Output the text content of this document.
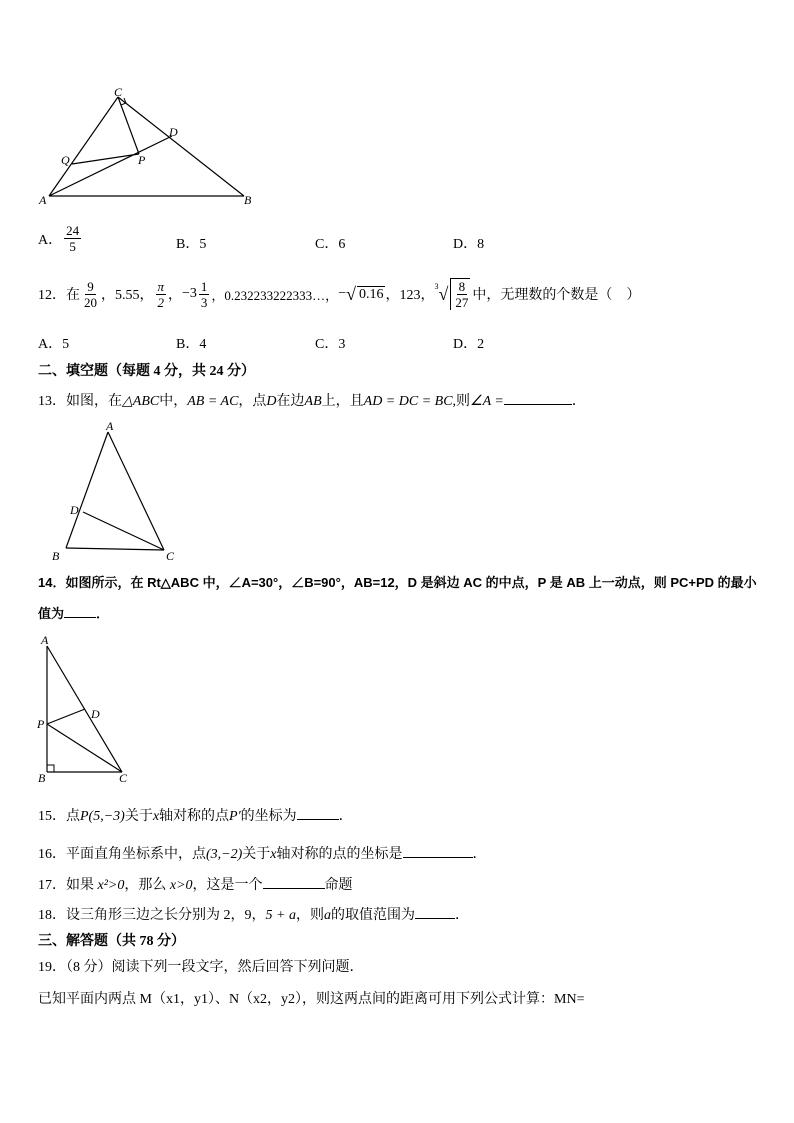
C
D
Q	P
A	B
A． $\frac{24}{5}$	B．5	C．6	D．8
12．在 $\frac{9}{20}$ ，5.55， $\frac{\pi}{2}$ ， $-3 \frac{1}{3}$ ，0.232233222333…， − √ 0.16 ，123，
3 √ $\frac{8}{27}$ 中，无理数的个数是（　）
A．5	B．4	C．3	D．2
二、填空题（每题 4 分，共 24 分）
13．如图，在△ABC中，AB = AC，点D在边AB上，且AD = DC = BC,则∠A =	．
A
D
B	C
14．如图所示，在 Rt△ABC 中，∠A=30°，∠B=90°，AB=12，D 是斜边 AC 的中点，P 是 AB 上一动点，则 PC+PD 的最小
值为 ．
A
D
P
B	C
15．点P(5,−3)关于x轴对称的点P′的坐标为	．
16．平面直角坐标系中，点(3,−2)关于x轴对称的点的坐标是	．
17．如果 x²>0，那么 x>0，这是一个	命题
18．设三角形三边之长分别为 2，9，5 + a，则a的取值范围为	．
三、解答题（共 78 分）
19．（8 分）阅读下列一段文字，然后回答下列问题．
已知平面内两点 M（x1，y1）、N（x2，y2），则这两点间的距离可用下列公式计算：MN=
